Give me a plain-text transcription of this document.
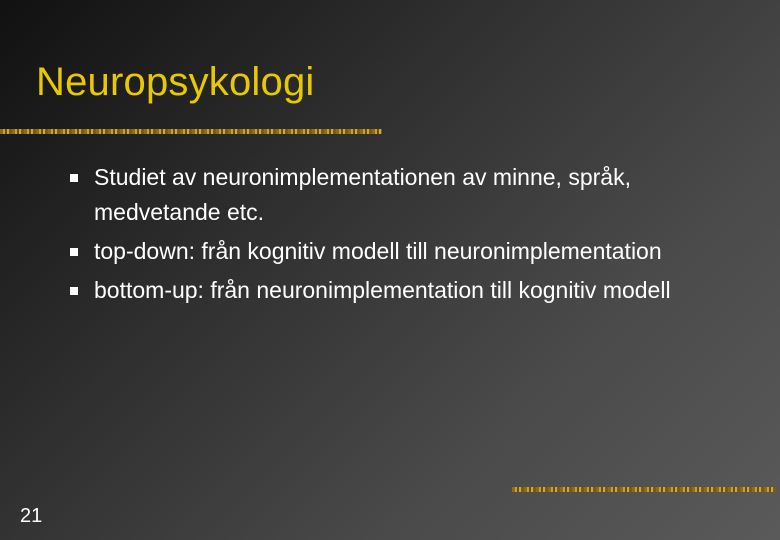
Neuropsykologi
Studiet av neuronimplementationen av minne, språk, medvetande etc.
top-down: från kognitiv modell till neuronimplementation
bottom-up: från neuronimplementation till kognitiv modell
21
